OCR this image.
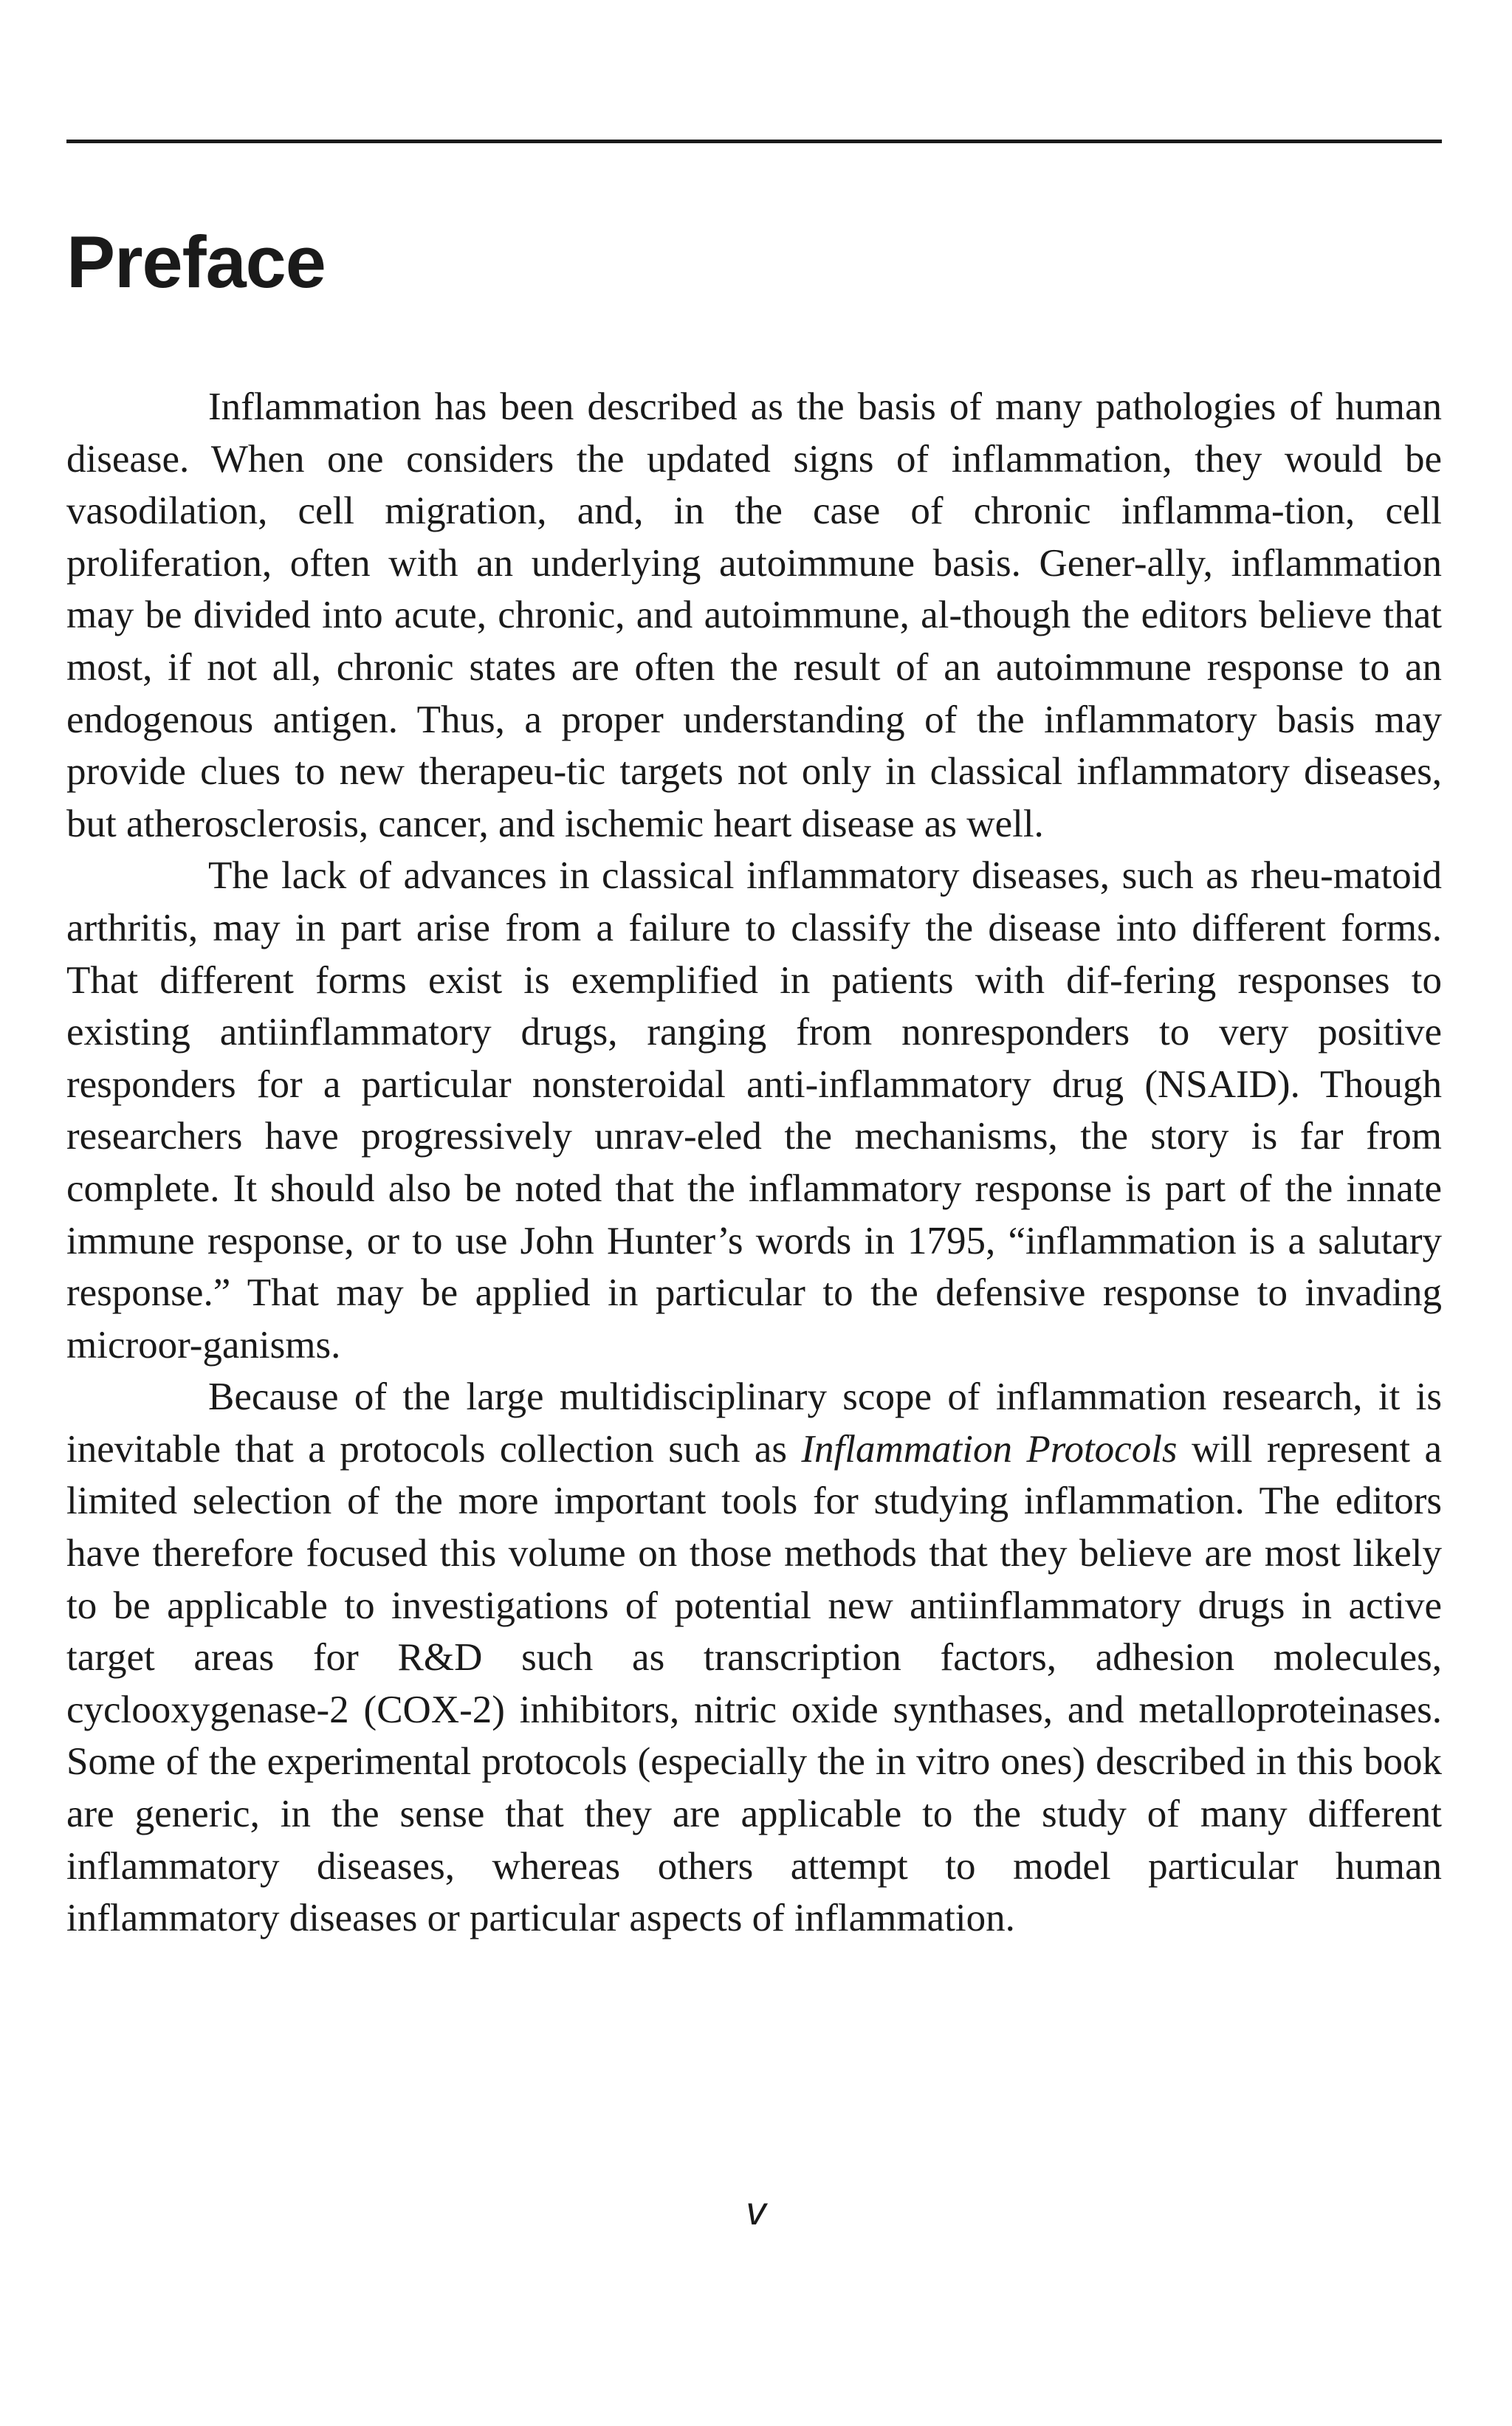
Preface

Inflammation has been described as the basis of many pathologies of human disease. When one considers the updated signs of inflammation, they would be vasodilation, cell migration, and, in the case of chronic inflamma-tion, cell proliferation, often with an underlying autoimmune basis. Gener-ally, inflammation may be divided into acute, chronic, and autoimmune, al-though the editors believe that most, if not all, chronic states are often the result of an autoimmune response to an endogenous antigen. Thus, a proper understanding of the inflammatory basis may provide clues to new therapeu-tic targets not only in classical inflammatory diseases, but atherosclerosis, cancer, and ischemic heart disease as well.

The lack of advances in classical inflammatory diseases, such as rheu-matoid arthritis, may in part arise from a failure to classify the disease into different forms. That different forms exist is exemplified in patients with dif-fering responses to existing antiinflammatory drugs, ranging from nonresponders to very positive responders for a particular nonsteroidal anti-inflammatory drug (NSAID). Though researchers have progressively unrav-eled the mechanisms, the story is far from complete. It should also be noted that the inflammatory response is part of the innate immune response, or to use John Hunter’s words in 1795, “inflammation is a salutary response.” That may be applied in particular to the defensive response to invading microor-ganisms.

Because of the large multidisciplinary scope of inflammation research, it is inevitable that a protocols collection such as Inflammation Protocols will represent a limited selection of the more important tools for studying inflammation. The editors have therefore focused this volume on those methods that they believe are most likely to be applicable to investigations of potential new antiinflammatory drugs in active target areas for R&D such as transcription factors, adhesion molecules, cyclooxygenase-2 (COX-2) inhibitors, nitric oxide synthases, and metalloproteinases. Some of the experimental protocols (especially the in vitro ones) described in this book are generic, in the sense that they are applicable to the study of many different inflammatory diseases, whereas others attempt to model particular human inflammatory diseases or particular aspects of inflammation.

v
